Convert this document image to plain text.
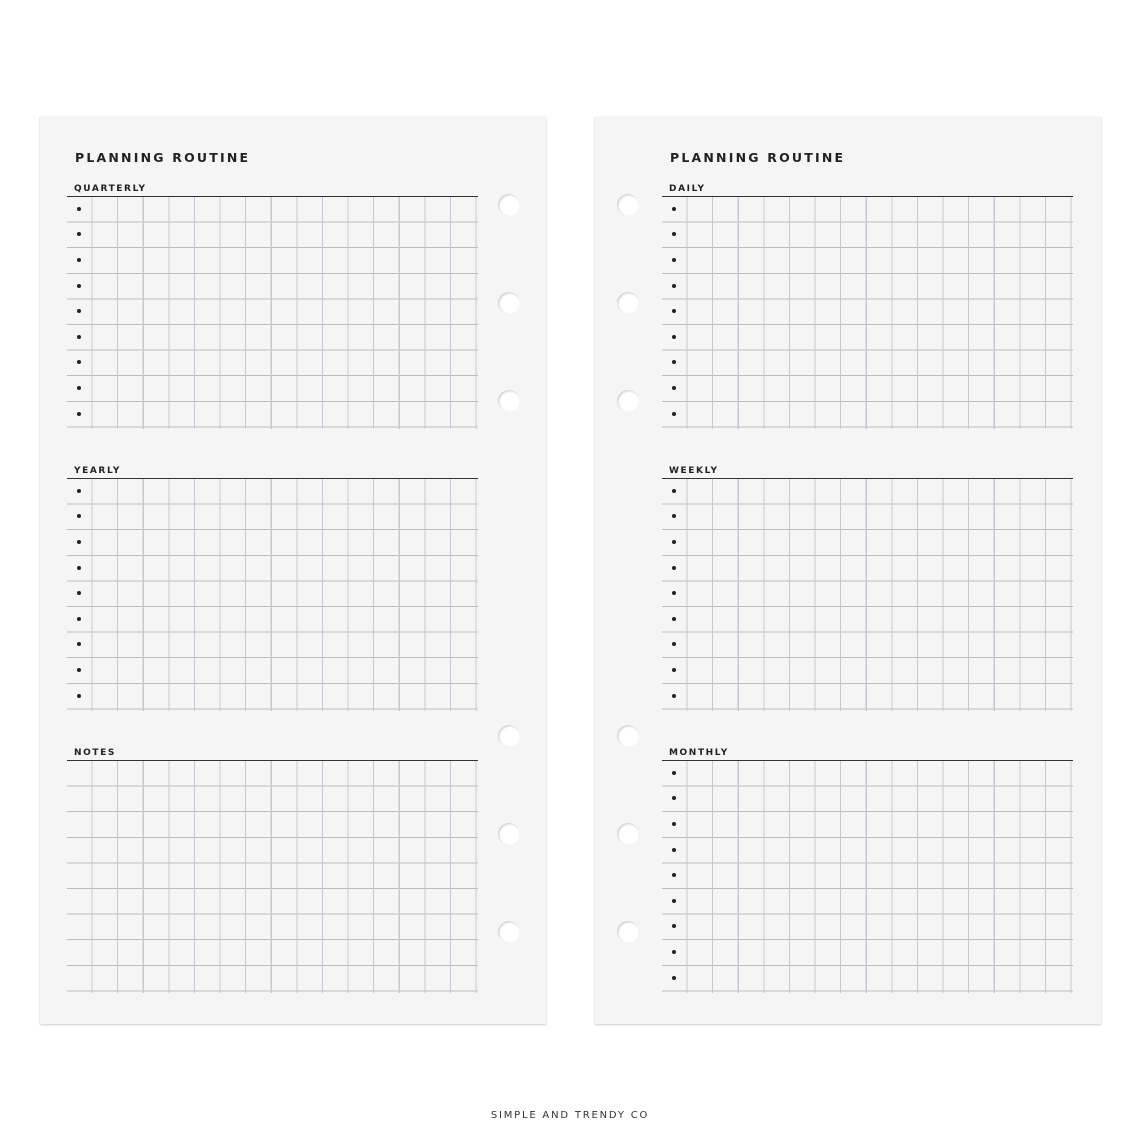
PLANNING ROUTINE
QUARTERLY
YEARLY
NOTES
PLANNING ROUTINE
DAILY
WEEKLY
MONTHLY
SIMPLE AND TRENDY CO
